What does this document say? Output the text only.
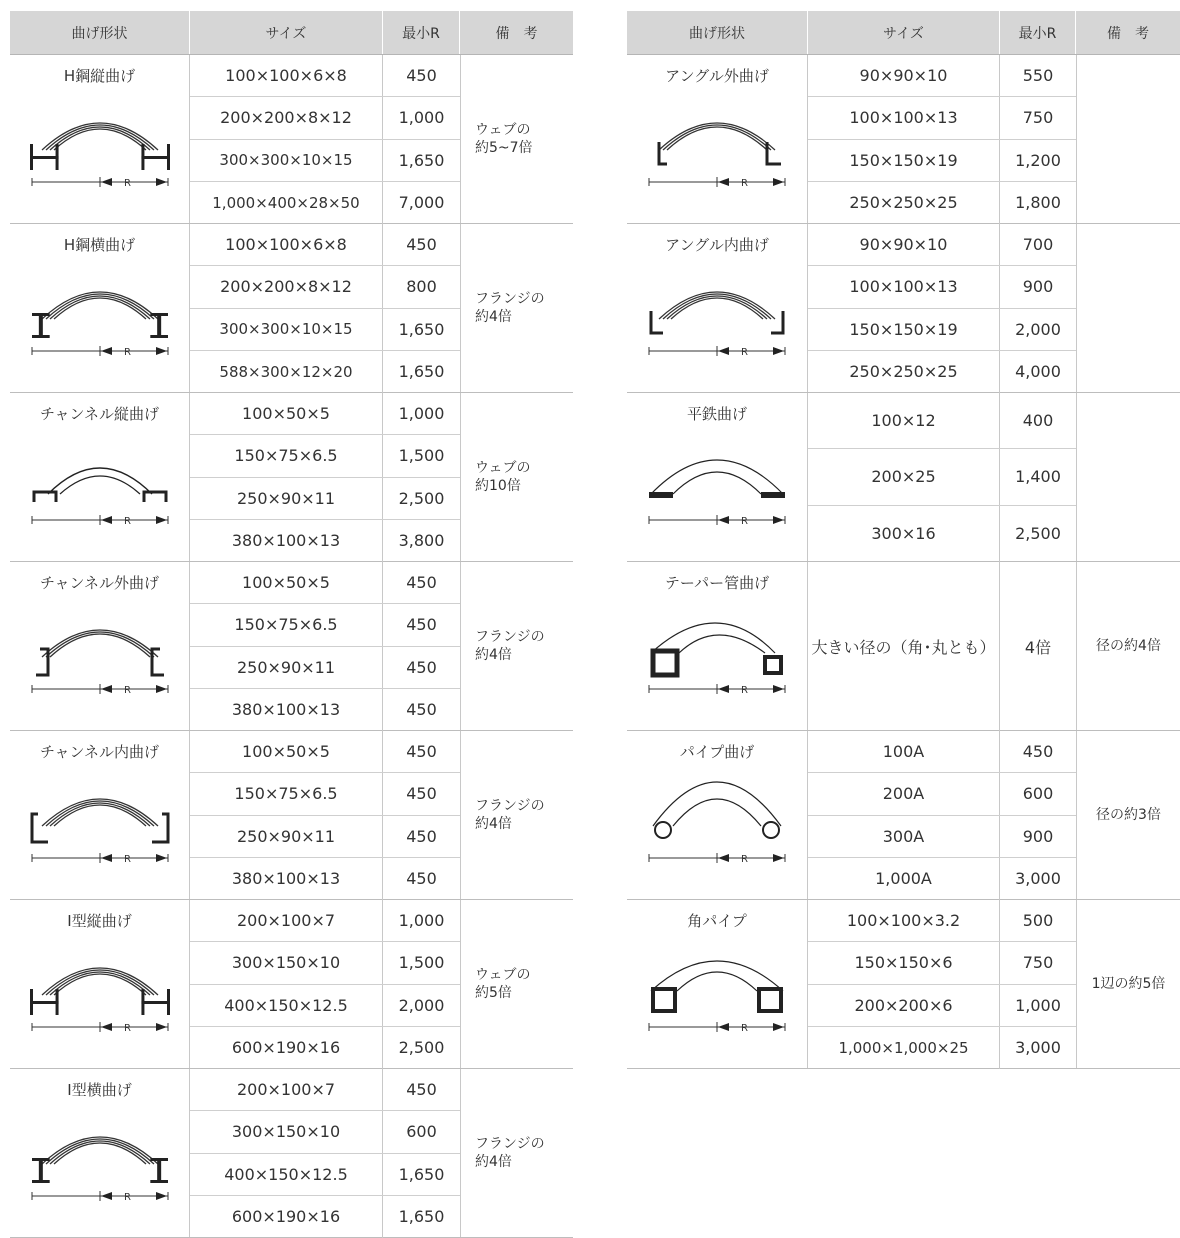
曲げ形状	サイズ	最小R	備　考
H鋼縦曲げ
R
100×100×6×8	450
200×200×8×12	1,000
300×300×10×15	1,650
1,000×400×28×50	7,000
ウェブの
約5~7倍
H鋼横曲げ
R
100×100×6×8	450
200×200×8×12	800
300×300×10×15	1,650
588×300×12×20	1,650
フランジの
約4倍
チャンネル縦曲げ
R
100×50×5	1,000
150×75×6.5	1,500
250×90×11	2,500
380×100×13	3,800
ウェブの
約10倍
チャンネル外曲げ
R
100×50×5	450
150×75×6.5	450
250×90×11	450
380×100×13	450
フランジの
約4倍
チャンネル内曲げ
R
100×50×5	450
150×75×6.5	450
250×90×11	450
380×100×13	450
フランジの
約4倍
I型縦曲げ
R
200×100×7	1,000
300×150×10	1,500
400×150×12.5	2,000
600×190×16	2,500
ウェブの
約5倍
I型横曲げ
R
200×100×7	450
300×150×10	600
400×150×12.5	1,650
600×190×16	1,650
フランジの
約4倍
曲げ形状	サイズ	最小R	備　考
アングル外曲げ
R
90×90×10	550
100×100×13	750
150×150×19	1,200
250×250×25	1,800
アングル内曲げ
R
90×90×10	700
100×100×13	900
150×150×19	2,000
250×250×25	4,000
平鉄曲げ
R
100×12	400
200×25	1,400
300×16	2,500
テーパー管曲げ
R
大きい径の（角･丸とも）	4倍	径の約4倍
パイプ曲げ
R
100A	450
200A	600
300A	900
1,000A	3,000
径の約3倍
角パイプ
R
100×100×3.2	500
150×150×6	750
200×200×6	1,000
1,000×1,000×25	3,000
1辺の約5倍
